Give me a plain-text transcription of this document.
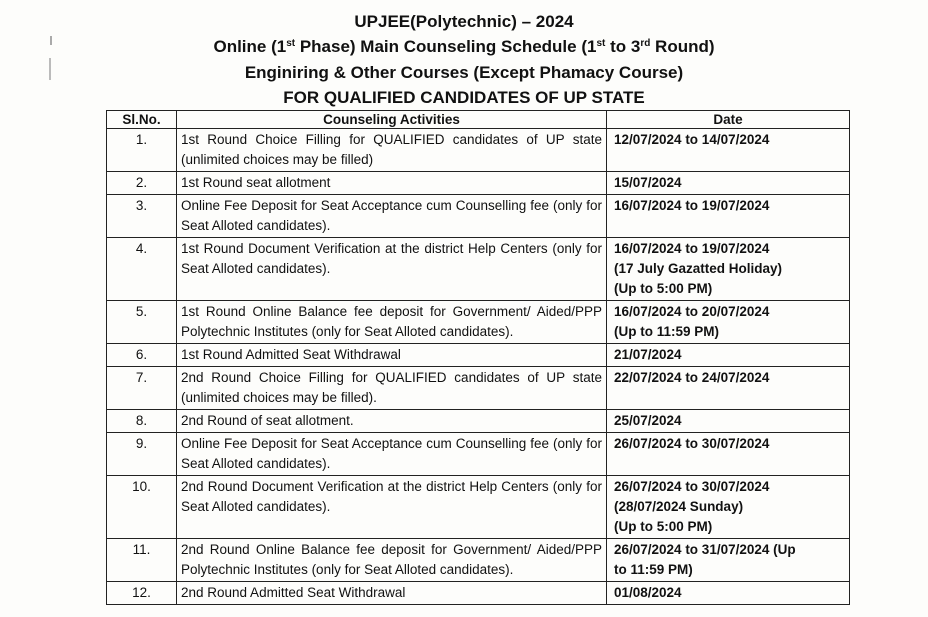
UPJEE(Polytechnic) – 2024
Online (1st Phase) Main Counseling Schedule (1st to 3rd Round)
Enginiring & Other Courses (Except Phamacy Course)
FOR QUALIFIED CANDIDATES OF UP STATE
Sl.No.	Counseling Activities	Date
1.	1st Round Choice Filling for QUALIFIED candidates of UP state (unlimited choices may be filled)	12/07/2024 to 14/07/2024

2.	1st Round seat allotment	15/07/2024

3.	Online Fee Deposit for Seat Acceptance cum Counselling fee (only for Seat Alloted candidates).	16/07/2024 to 19/07/2024

4.	1st Round Document Verification at the district Help Centers (only for Seat Alloted candidates).	16/07/2024 to 19/07/2024
(17 July Gazatted Holiday)
(Up to 5:00 PM)

5.	1st Round Online Balance fee deposit for Government/ Aided/PPP Polytechnic Institutes (only for Seat Alloted candidates).	16/07/2024 to 20/07/2024
(Up to 11:59 PM)

6.	1st Round Admitted Seat Withdrawal	21/07/2024

7.	2nd Round Choice Filling for QUALIFIED candidates of UP state (unlimited choices may be filled).	22/07/2024 to 24/07/2024

8.	2nd Round of seat allotment.	25/07/2024

9.	Online Fee Deposit for Seat Acceptance cum Counselling fee (only for Seat Alloted candidates).	26/07/2024 to 30/07/2024

10.	2nd Round Document Verification at the district Help Centers (only for Seat Alloted candidates).	26/07/2024 to 30/07/2024
(28/07/2024 Sunday)
(Up to 5:00 PM)

11.	2nd Round Online Balance fee deposit for Government/ Aided/PPP Polytechnic Institutes (only for Seat Alloted candidates).	26/07/2024 to 31/07/2024 (Up
to 11:59 PM)

12.	2nd Round Admitted Seat Withdrawal	01/08/2024
